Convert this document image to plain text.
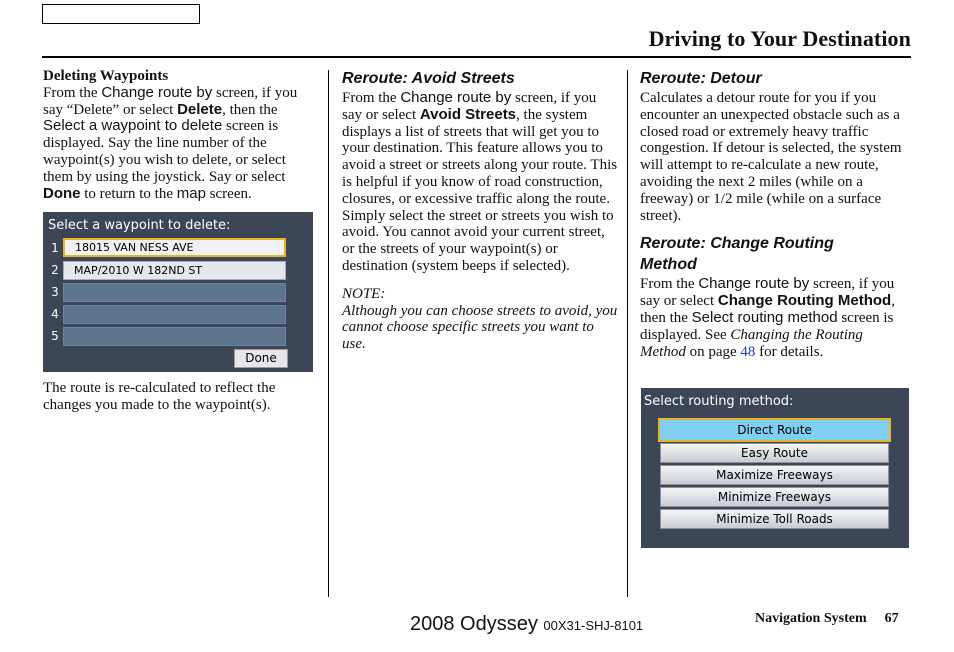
Driving to Your Destination

Deleting Waypoints

From the Change route by screen, if you say “Delete” or select Delete, then the Select a waypoint to delete screen is displayed. Say the line number of the waypoint(s) you wish to delete, or select them by using the joystick. Say or select Done to return to the map screen.

Select a waypoint to delete:
1	18015 VAN NESS AVE
2	MAP/2010 W 182ND ST
3
4
5
Done

The route is re-calculated to reflect the changes you made to the waypoint(s).

Reroute: Avoid Streets

From the Change route by screen, if you say or select Avoid Streets, the system displays a list of streets that will get you to your destination. This feature allows you to avoid a street or streets along your route. This is helpful if you know of road construction, closures, or excessive traffic along the route. Simply select the street or streets you wish to avoid. You cannot avoid your current street, or the streets of your waypoint(s) or destination (system beeps if selected).

NOTE:

Although you can choose streets to avoid, you cannot choose specific streets you want to use.

Reroute: Detour

Calculates a detour route for you if you encounter an unexpected obstacle such as a closed road or extremely heavy traffic congestion. If detour is selected, the system will attempt to re-calculate a new route, avoiding the next 2 miles (while on a freeway) or 1/2 mile (while on a surface street).

Reroute: Change Routing
Method

From the Change route by screen, if you say or select Change Routing Method, then the Select routing method screen is displayed. See Changing the Routing Method on page 48 for details.

Select routing method:
Direct Route
Easy Route
Maximize Freeways
Minimize Freeways
Minimize Toll Roads
2008 Odyssey 00X31-SHJ-8101	Navigation System 67
